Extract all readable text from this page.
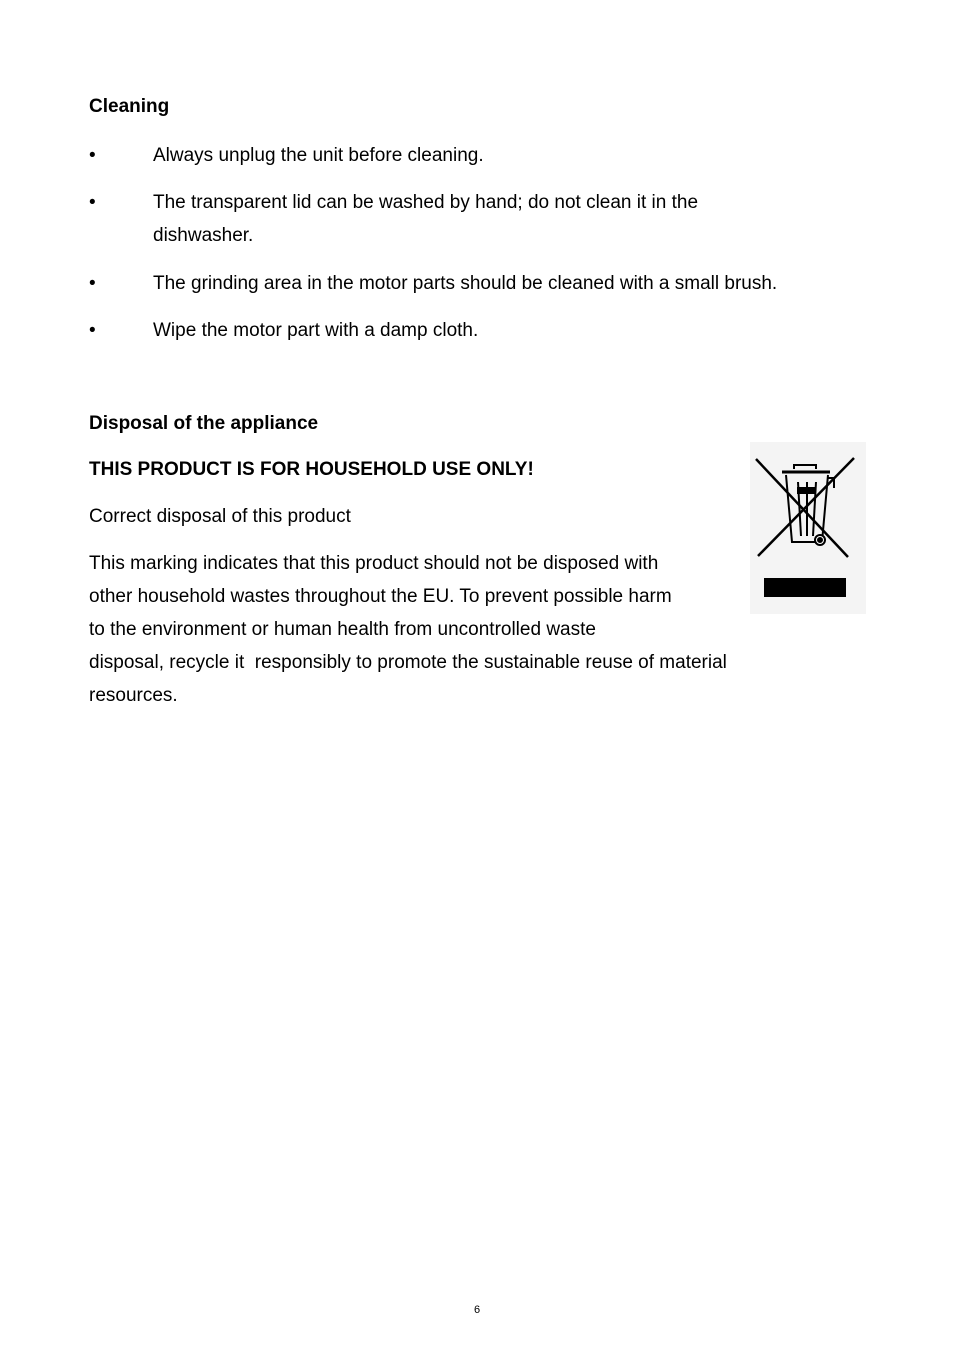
Cleaning
•	Always unplug the unit before cleaning.
•	The transparent lid can be washed by hand; do not clean it in the dishwasher.
•	The grinding area in the motor parts should be cleaned with a small brush.
•	Wipe the motor part with a damp cloth.
Disposal of the appliance

THIS PRODUCT IS FOR HOUSEHOLD USE ONLY!

Correct disposal of this product

This marking indicates that this product should not be disposed with
other household wastes throughout the EU. To prevent possible harm
to the environment or human health from uncontrolled waste
disposal, recycle it  responsibly to promote the sustainable reuse of material
resources.
6
